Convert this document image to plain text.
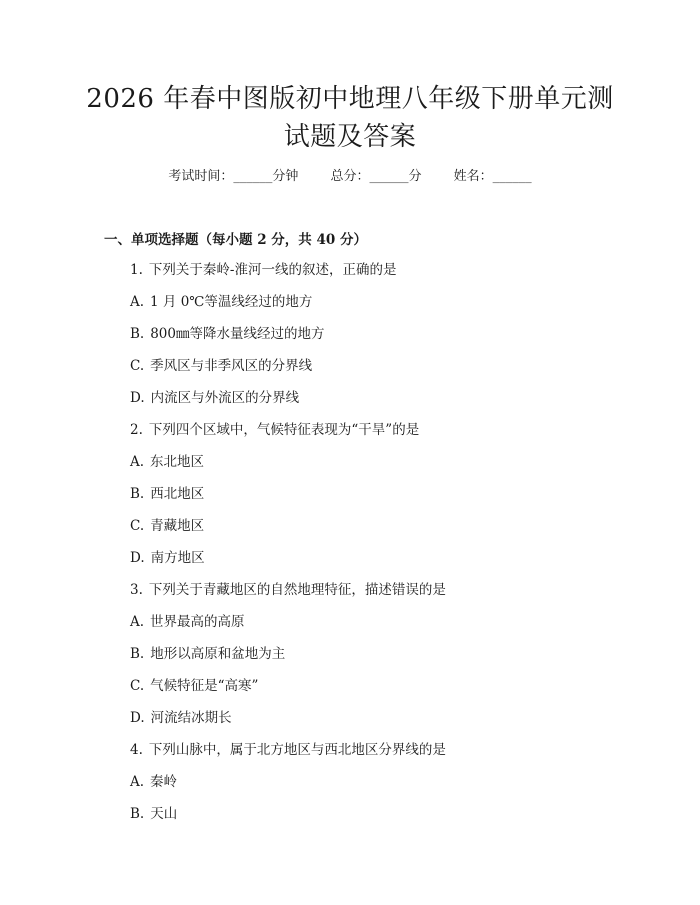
2026 年春中图版初中地理八年级下册单元测
试题及答案
考试时间：______分钟 总分：______分 姓名：______
一、单项选择题（每小题 2 分，共 40 分）
1. 下列关于秦岭-淮河一线的叙述，正确的是
A. 1 月 0℃等温线经过的地方
B. 800㎜等降水量线经过的地方
C. 季风区与非季风区的分界线
D. 内流区与外流区的分界线
2. 下列四个区域中，气候特征表现为“干旱”的是
A. 东北地区
B. 西北地区
C. 青藏地区
D. 南方地区
3. 下列关于青藏地区的自然地理特征，描述错误的是
A. 世界最高的高原
B. 地形以高原和盆地为主
C. 气候特征是“高寒”
D. 河流结冰期长
4. 下列山脉中，属于北方地区与西北地区分界线的是
A. 秦岭
B. 天山
